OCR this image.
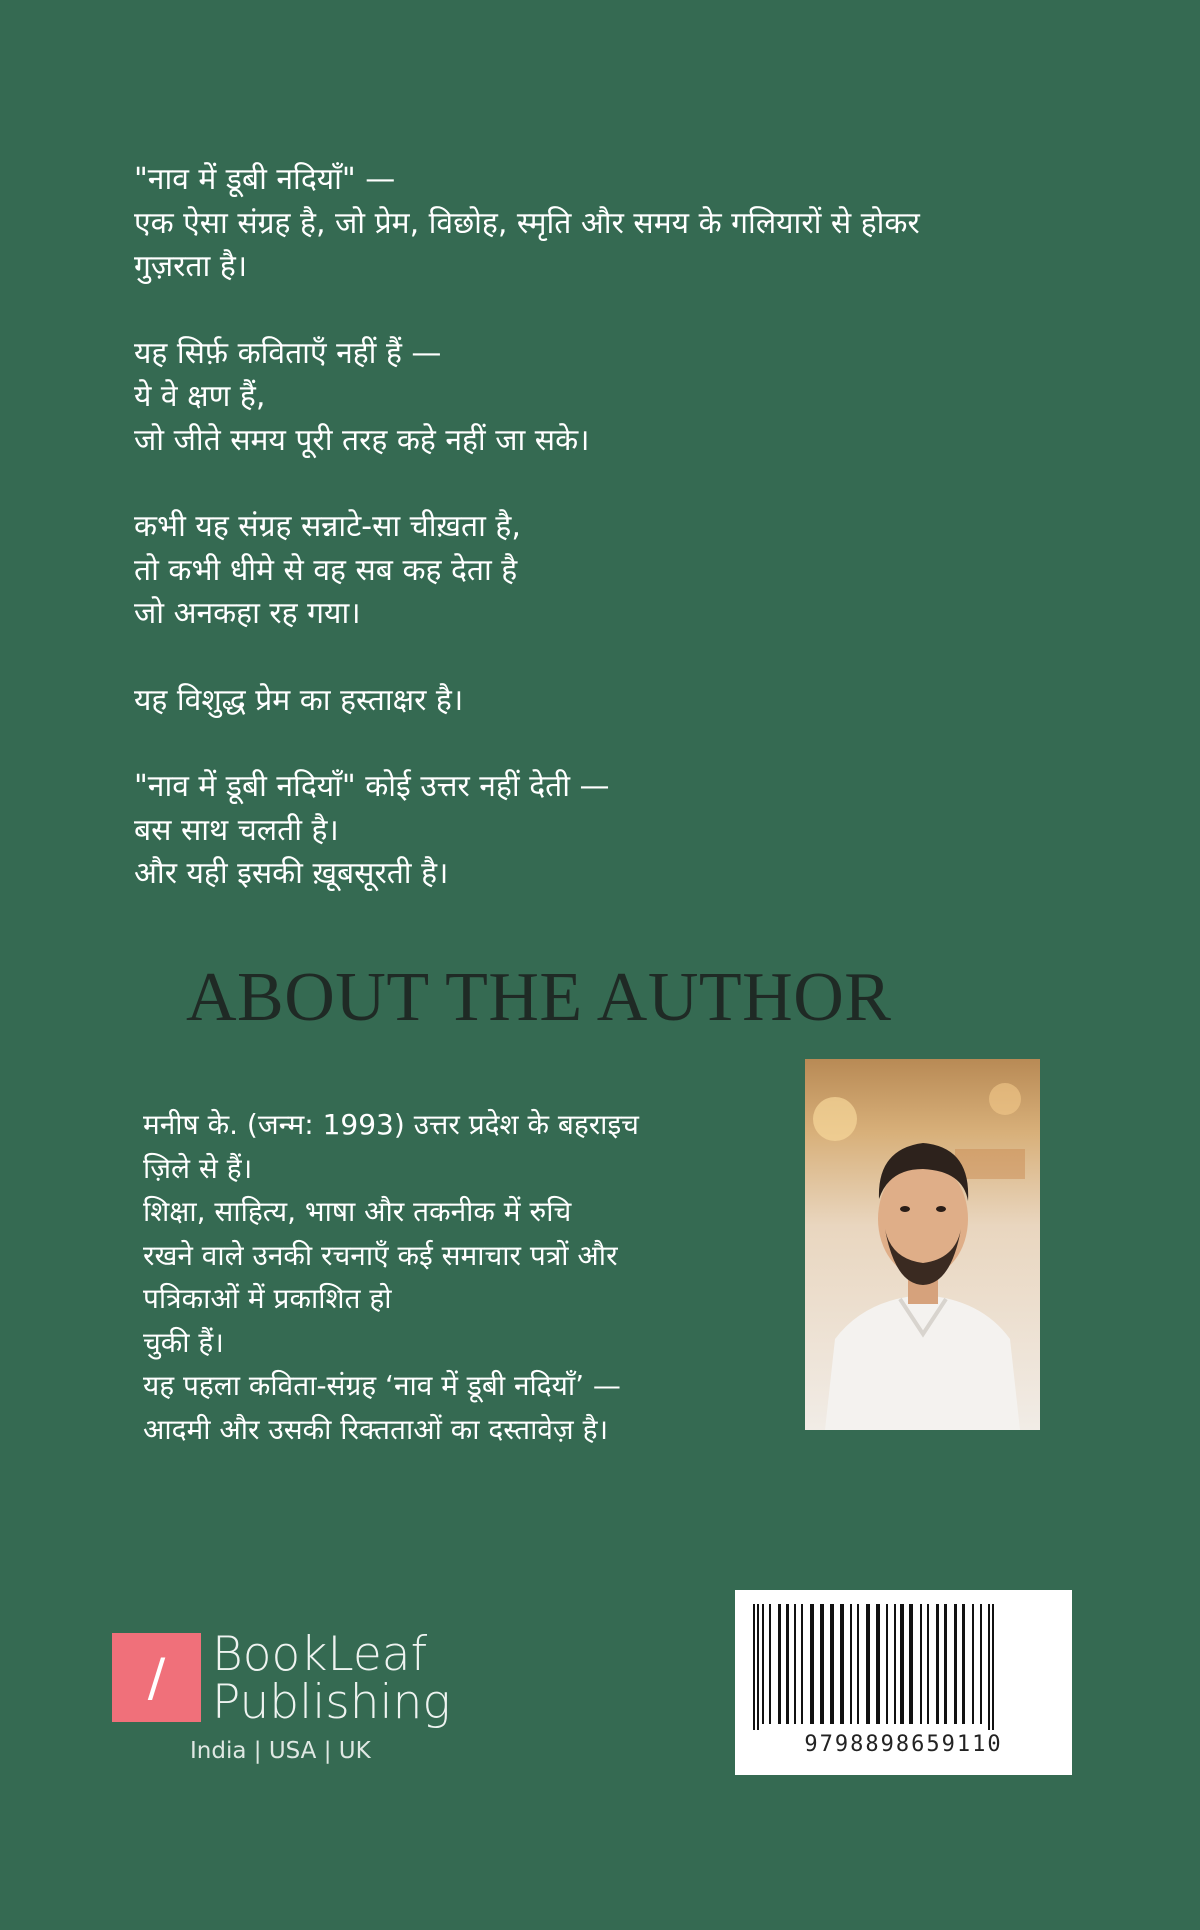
"नाव में डूबी नदियाँ" —
एक ऐसा संग्रह है, जो प्रेम, विछोह, स्मृति और समय के गलियारों से होकर
गुज़रता है।

यह सिर्फ़ कविताएँ नहीं हैं —
ये वे क्षण हैं,
जो जीते समय पूरी तरह कहे नहीं जा सके।

कभी यह संग्रह सन्नाटे-सा चीख़ता है,
तो कभी धीमे से वह सब कह देता है
जो अनकहा रह गया।

यह विशुद्ध प्रेम का हस्ताक्षर है।

"नाव में डूबी नदियाँ" कोई उत्तर नहीं देती —
बस साथ चलती है।
और यही इसकी ख़ूबसूरती है।

ABOUT THE AUTHOR
मनीष के. (जन्म: 1993) उत्तर प्रदेश के बहराइच
ज़िले से हैं।
शिक्षा, साहित्य, भाषा और तकनीक में रुचि
रखने वाले उनकी रचनाएँ कई समाचार पत्रों और
पत्रिकाओं में प्रकाशित हो
चुकी हैं।
यह पहला कविता-संग्रह ‘नाव में डूबी नदियाँ’ —
आदमी और उसकी रिक्तताओं का दस्तावेज़ है।
/ BookLeaf
Publishing
India | USA | UK	9798898659110
